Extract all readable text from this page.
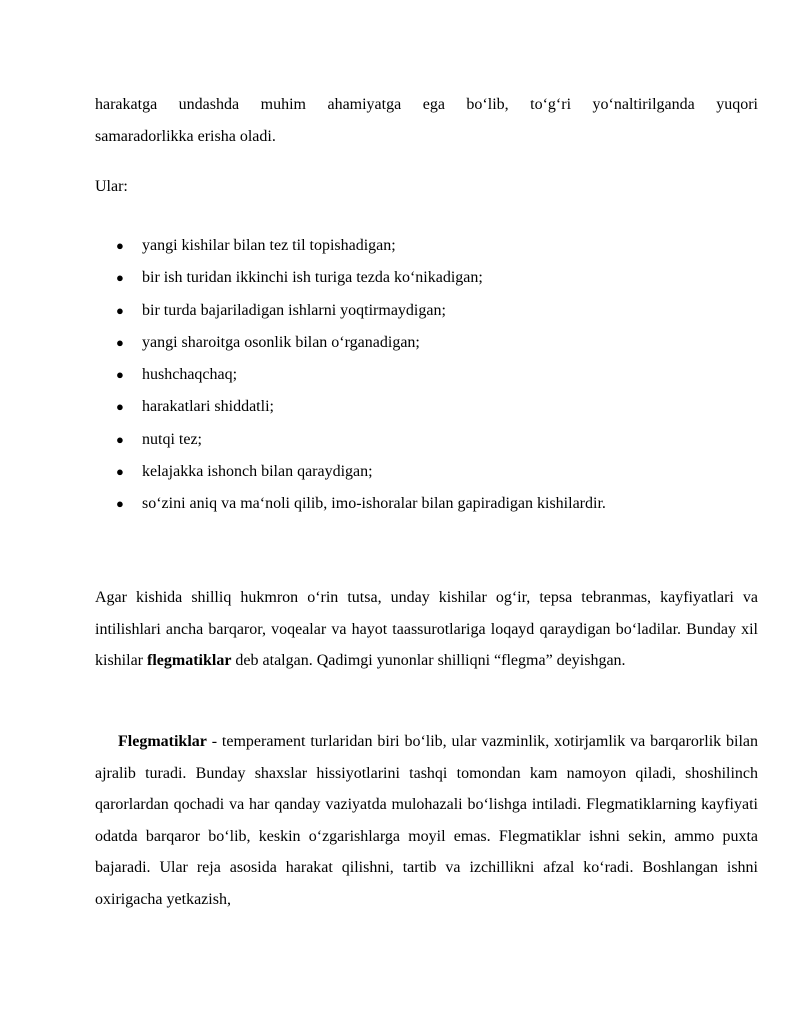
harakatga undashda muhim ahamiyatga ega bo‘lib, to‘g‘ri yo‘naltirilganda yuqori

samaradorlikka erisha oladi.

Ular:

● yangi kishilar bilan tez til topishadigan;
● bir ish turidan ikkinchi ish turiga tezda ko‘nikadigan;
● bir turda bajariladigan ishlarni yoqtirmaydigan;
● yangi sharoitga osonlik bilan o‘rganadigan;
● hushchaqchaq;
● harakatlari shiddatli;
● nutqi tez;
● kelajakka ishonch bilan qaraydigan;
● so‘zini aniq va ma‘noli qilib, imo-ishoralar bilan gapiradigan kishilardir.

Agar kishida shilliq hukmron o‘rin tutsa, unday kishilar og‘ir, tepsa tebranmas, kayfiyatlari va intilishlari ancha barqaror, voqealar va hayot taassurotlariga loqayd qaraydigan bo‘ladilar. Bunday xil kishilar flegmatiklar deb atalgan. Qadimgi yunonlar shilliqni “flegma” deyishgan.

Flegmatiklar - temperament turlaridan biri bo‘lib, ular vazminlik, xotirjamlik va barqarorlik bilan ajralib turadi. Bunday shaxslar hissiyotlarini tashqi tomondan kam namoyon qiladi, shoshilinch qarorlardan qochadi va har qanday vaziyatda mulohazali bo‘lishga intiladi. Flegmatiklarning kayfiyati odatda barqaror bo‘lib, keskin o‘zgarishlarga moyil emas. Flegmatiklar ishni sekin, ammo puxta bajaradi. Ular reja asosida harakat qilishni, tartib va izchillikni afzal ko‘radi. Boshlangan ishni oxirigacha yetkazish,
